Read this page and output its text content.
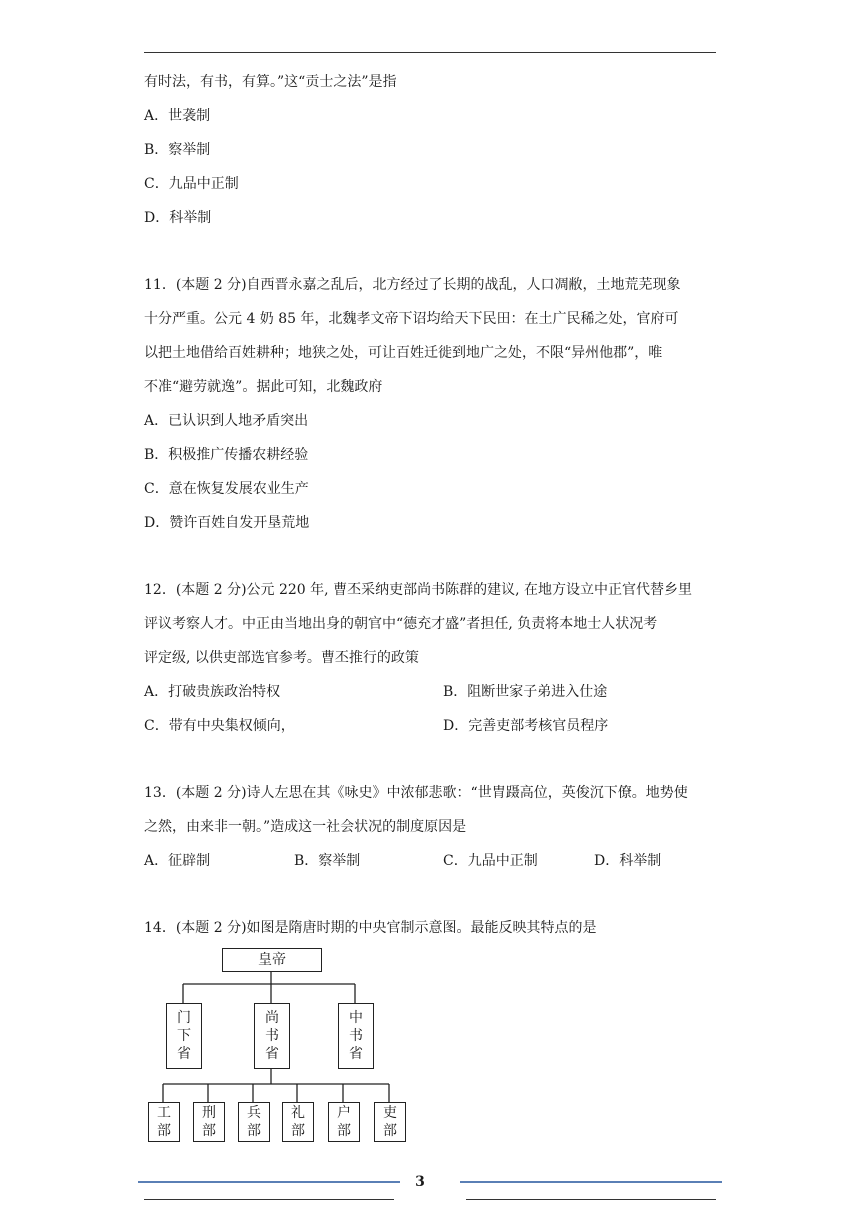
有时法，有书，有算。”这“贡士之法”是指
A．世袭制
B．察举制
C．九品中正制
D．科举制
11．(本题 2 分)自西晋永嘉之乱后，北方经过了长期的战乱，人口凋敝，土地荒芜现象
十分严重。公元 4 奶 85 年，北魏孝文帝下诏均给天下民田：在土广民稀之处，官府可
以把土地借给百姓耕种；地狭之处，可让百姓迁徙到地广之处，不限“异州他郡”，唯
不准“避劳就逸”。据此可知，北魏政府
A．已认识到人地矛盾突出
B．积极推广传播农耕经验
C．意在恢复发展农业生产
D．赞许百姓自发开垦荒地
12．(本题 2 分)公元 220 年, 曹丕采纳吏部尚书陈群的建议, 在地方设立中正官代替乡里
评议考察人才。中正由当地出身的朝官中“德充才盛”者担任, 负责将本地士人状况考
评定级, 以供吏部选官参考。曹丕推行的政策
A．打破贵族政治特权	B．阻断世家子弟进入仕途
C．带有中央集权倾向，	D．完善吏部考核官员程序
13．(本题 2 分)诗人左思在其《咏史》中浓郁悲歌：“世胄蹑高位，英俊沉下僚。地势使
之然，由来非一朝。”造成这一社会状况的制度原因是
A．征辟制	B．察举制	C．九品中正制	D．科举制
14．(本题 2 分)如图是隋唐时期的中央官制示意图。最能反映其特点的是
皇帝
门
下
省
尚
书
省
中
书
省
工
部
刑
部
兵
部
礼
部
户
部
吏
部
3
